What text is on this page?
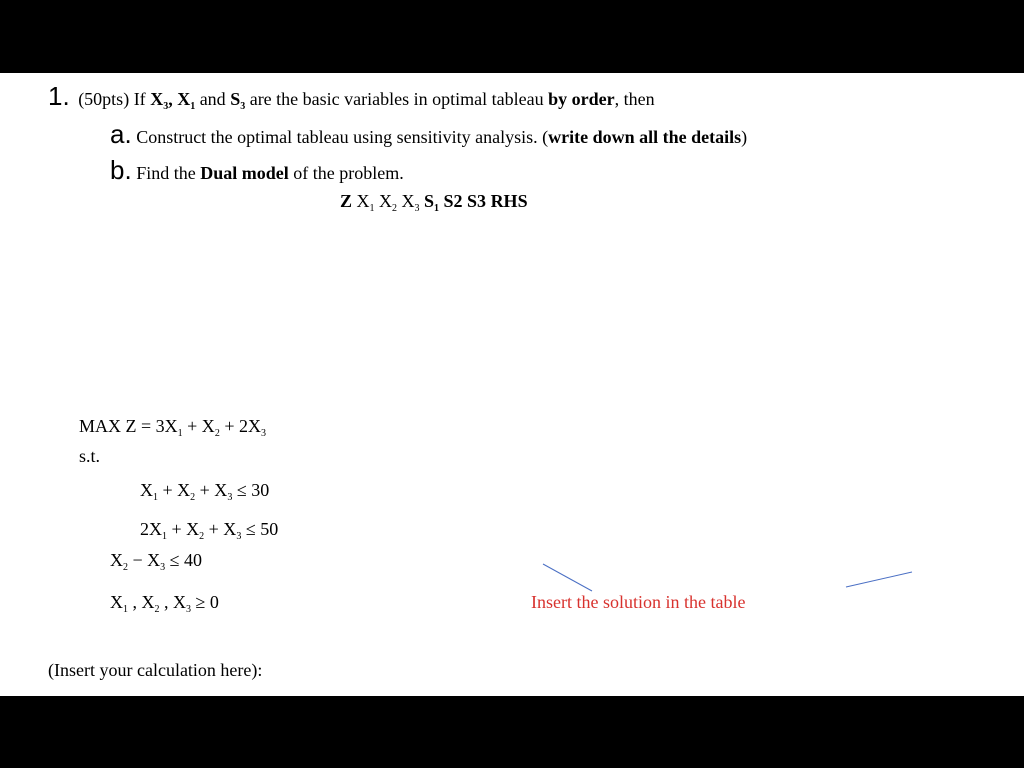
1. (50pts) If $X_3$, $X_1$ and $S_3$ are the basic variables in optimal tableau by order, then
a. Construct the optimal tableau using sensitivity analysis. (write down all the details)
b. Find the Dual model of the problem.
Z $X_1$ $X_2$ $X_3$ $S_1$ S2 S3 RHS
MAX $Z = 3X_1 + X_2 + 2X_3$
s.t.
$X_1 + X_2 + X_3 \le 30$
$2X_1 + X_2 + X_3 \le 50$
$X_2 - X_3 \le 40$
$X_1$ , $X_2$ , $X_3 \ge 0$	Insert the solution in the table
(Insert your calculation here):
